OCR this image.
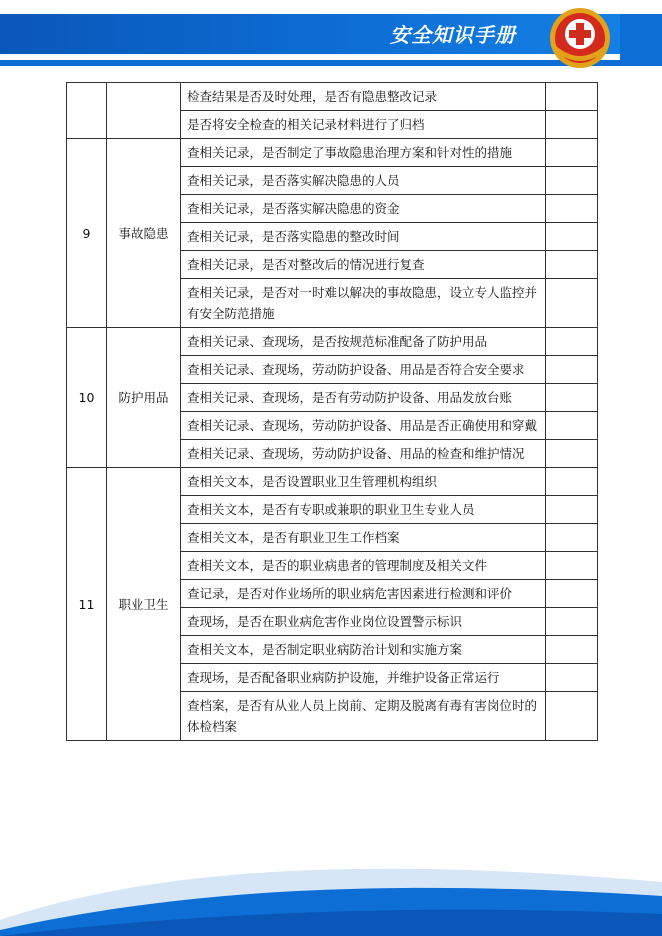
安全知识手册
		检查结果是否及时处理，是否有隐患整改记录	
		是否将安全检查的相关记录材料进行了归档	
9	事故隐患	查相关记录，是否制定了事故隐患治理方案和针对性的措施	
		查相关记录，是否落实解决隐患的人员	
		查相关记录，是否落实解决隐患的资金	
		查相关记录，是否落实隐患的整改时间	
		查相关记录，是否对整改后的情况进行复查	
		查相关记录，是否对一时难以解决的事故隐患，设立专人监控并有安全防范措施	
10	防护用品	查相关记录、查现场，是否按规范标准配备了防护用品	
		查相关记录、查现场，劳动防护设备、用品是否符合安全要求	
		查相关记录、查现场，是否有劳动防护设备、用品发放台账	
		查相关记录、查现场，劳动防护设备、用品是否正确使用和穿戴	
		查相关记录、查现场，劳动防护设备、用品的检查和维护情况	
11	职业卫生	查相关文本，是否设置职业卫生管理机构组织	
		查相关文本，是否有专职或兼职的职业卫生专业人员	
		查相关文本，是否有职业卫生工作档案	
		查相关文本，是否的职业病患者的管理制度及相关文件	
		查记录，是否对作业场所的职业病危害因素进行检测和评价	
		查现场，是否在职业病危害作业岗位设置警示标识	
		查相关文本，是否制定职业病防治计划和实施方案	
		查现场，是否配备职业病防护设施，并维护设备正常运行	
		查档案，是否有从业人员上岗前、定期及脱离有毒有害岗位时的体检档案	
